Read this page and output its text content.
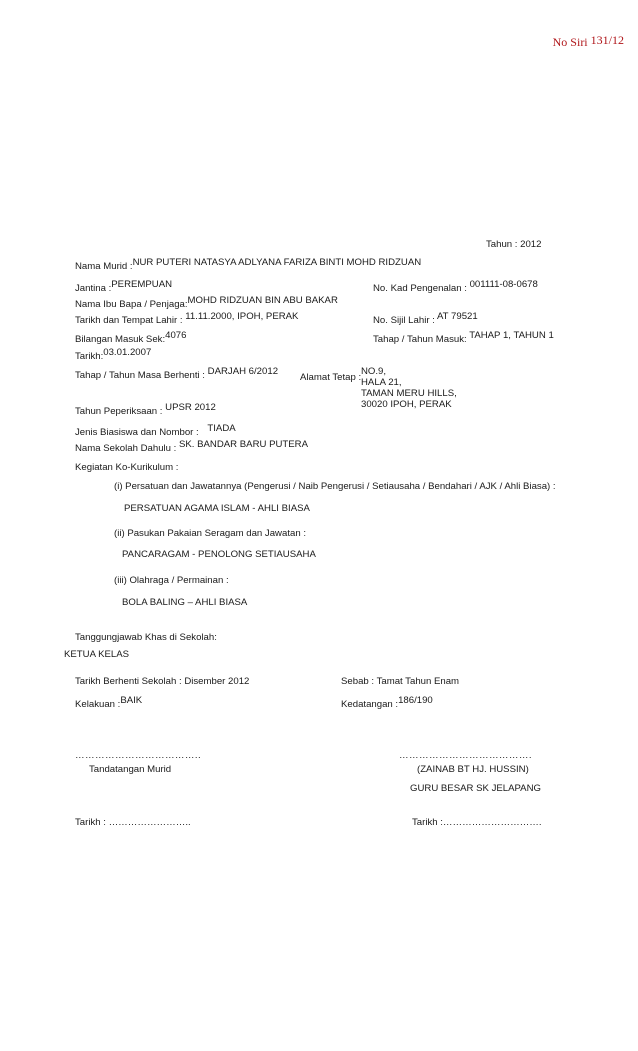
No Siri 131/12
Tahun : 2012
Nama Murid :NUR PUTERI NATASYA ADLYANA FARIZA BINTI MOHD RIDZUAN
Jantina :PEREMPUAN	No. Kad Pengenalan : 001111-08-0678
Nama Ibu Bapa / Penjaga:MOHD RIDZUAN BIN ABU BAKAR
Tarikh dan Tempat Lahir : 11.11.2000, IPOH, PERAK	No. Sijil Lahir : AT 79521
Bilangan Masuk Sek:4076	Tahap / Tahun Masuk: TAHAP 1, TAHUN 1
Tarikh:03.01.2007
Tahap / Tahun Masa Berhenti : DARJAH 6/2012
Alamat Tetap :
NO.9,
HALA 21,
TAMAN MERU HILLS,
30020 IPOH, PERAK
Tahun Peperiksaan : UPSR 2012
Jenis Biasiswa dan Nombor : TIADA
Nama Sekolah Dahulu : SK. BANDAR BARU PUTERA
Kegiatan Ko-Kurikulum :
(i) Persatuan dan Jawatannya (Pengerusi / Naib Pengerusi / Setiausaha / Bendahari / AJK / Ahli Biasa) :
PERSATUAN AGAMA ISLAM - AHLI BIASA
(ii) Pasukan Pakaian Seragam dan Jawatan :
PANCARAGAM - PENOLONG SETIAUSAHA
(iii) Olahraga / Permainan :
BOLA BALING – AHLI BIASA
Tanggungjawab Khas di Sekolah:
KETUA KELAS
Tarikh Berhenti Sekolah : Disember 2012	Sebab : Tamat Tahun Enam
Kelakuan :BAIK	Kedatangan :186/190
………………………………..
Tandatangan Murid
………………………………….
(ZAINAB BT HJ. HUSSIN)
GURU BESAR SK JELAPANG
Tarikh : ……………………..	Tarikh :………………………….
